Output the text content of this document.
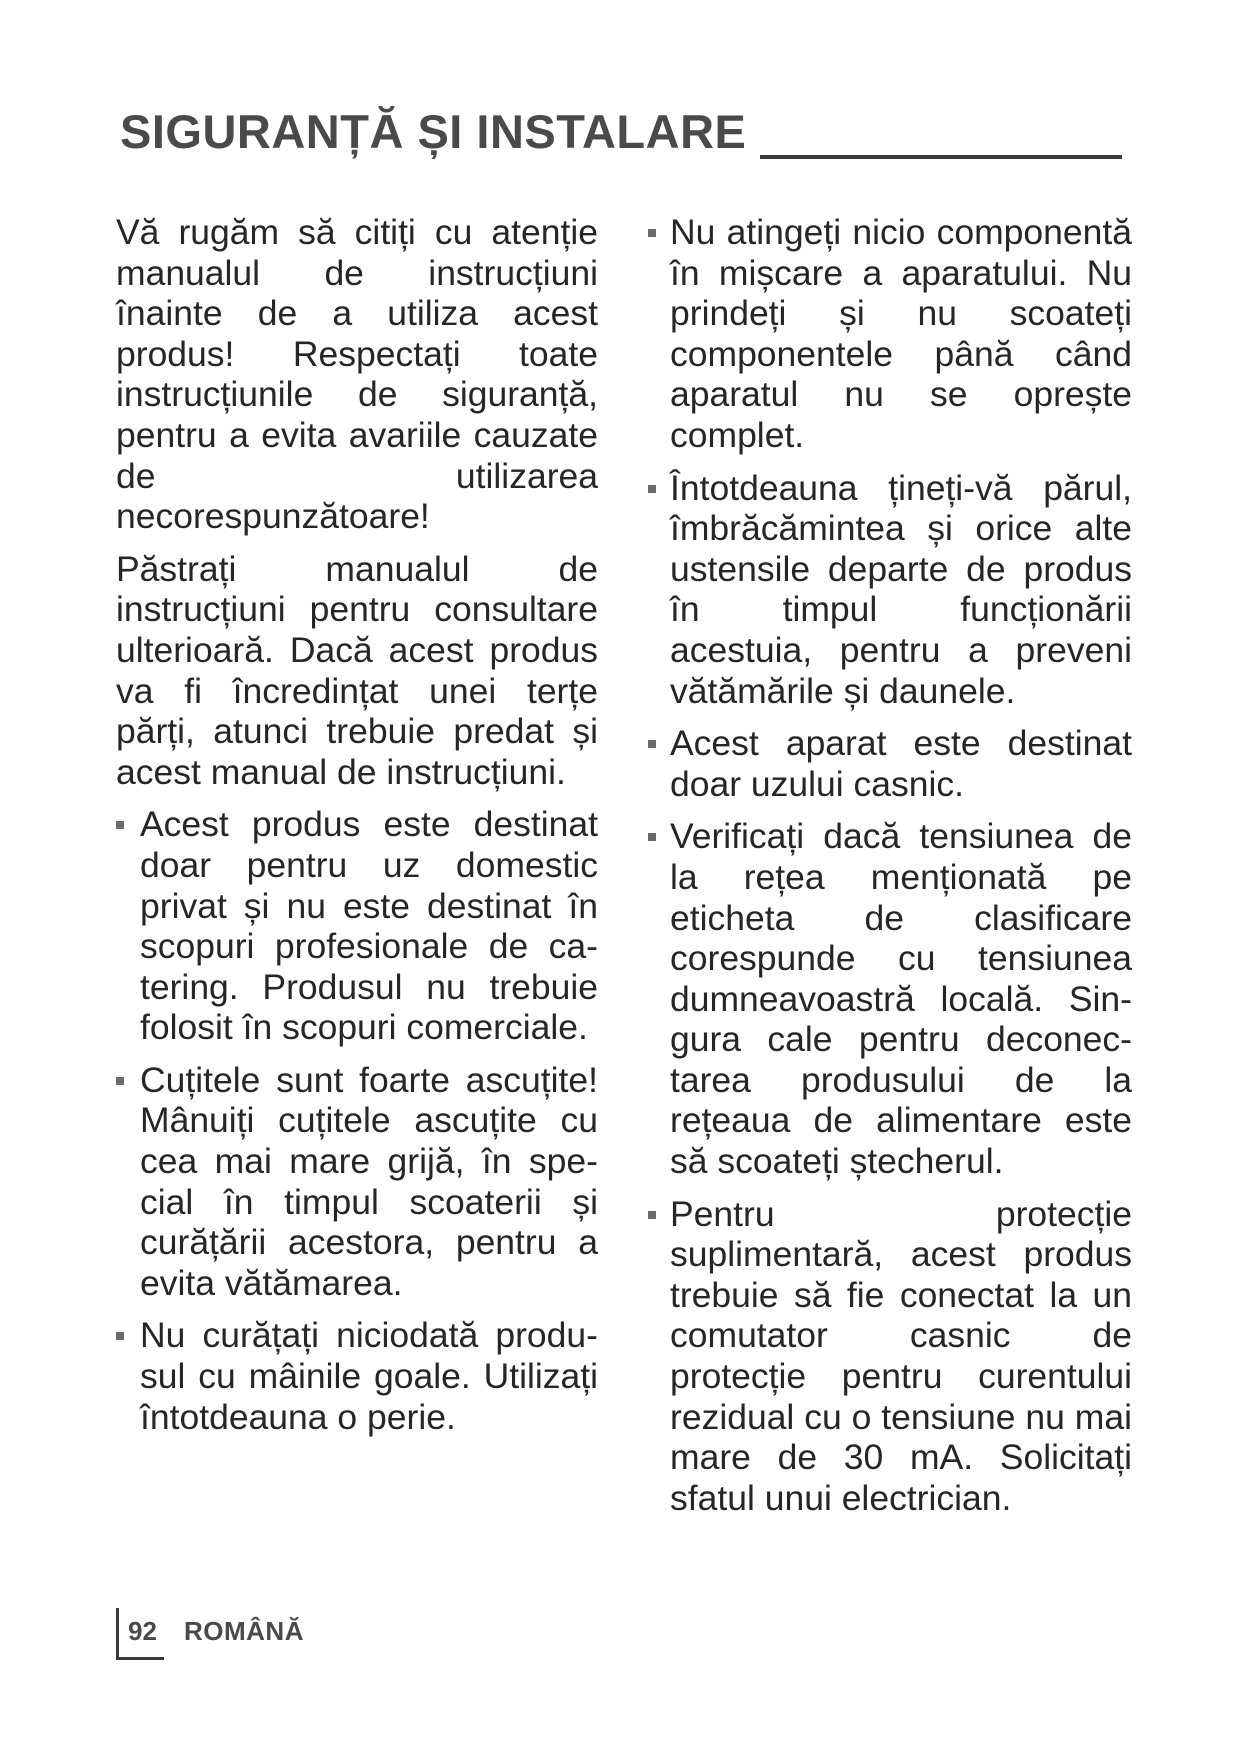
SIGURANȚĂ ȘI INSTALARE

Vă rugăm să citiți cu atenție manualul de instrucțiuni înainte de a utiliza acest produs! Respectați toate instrucțiunile de siguranță, pentru a evita avariile cauzate de utilizarea necorespunzătoare!

Păstrați manualul de instrucțiuni pentru consultare ulterioară. Dacă acest produs va fi încredințat unei terțe părți, atunci trebuie predat și acest manual de instrucțiuni.

Acest produs este destinat doar pentru uz domestic privat și nu este destinat în scopuri profesionale de catering. Produsul nu trebuie folosit în scopuri comerciale.
Cuțitele sunt foarte ascuțite! Mânuiți cuțitele ascuțite cu cea mai mare grijă, în special în timpul scoaterii și curățării acestora, pentru a evita vătămarea.
Nu curățați niciodată produsul cu mâinile goale. Utilizați întotdeauna o perie.
Nu atingeți nicio componentă în mișcare a aparatului. Nu prindeți și nu scoateți componentele până când aparatul nu se oprește complet.
Întotdeauna țineți-vă părul, îmbrăcămintea și orice alte ustensile departe de produs în timpul funcționării acestuia, pentru a preveni vătămările și daunele.
Acest aparat este destinat doar uzului casnic.
Verificați dacă tensiunea de la rețea menționată pe eticheta de clasificare corespunde cu tensiunea dumneavoastră locală. Singura cale pentru deconectarea produsului de la rețeaua de alimentare este să scoateți ștecherul.
Pentru protecție suplimentară, acest produs trebuie să fie conectat la un comutator casnic de protecție pentru curentului rezidual cu o tensiune nu mai mare de 30 mA. Solicitați sfatul unui electrician.
92 ROMÂNĂ
